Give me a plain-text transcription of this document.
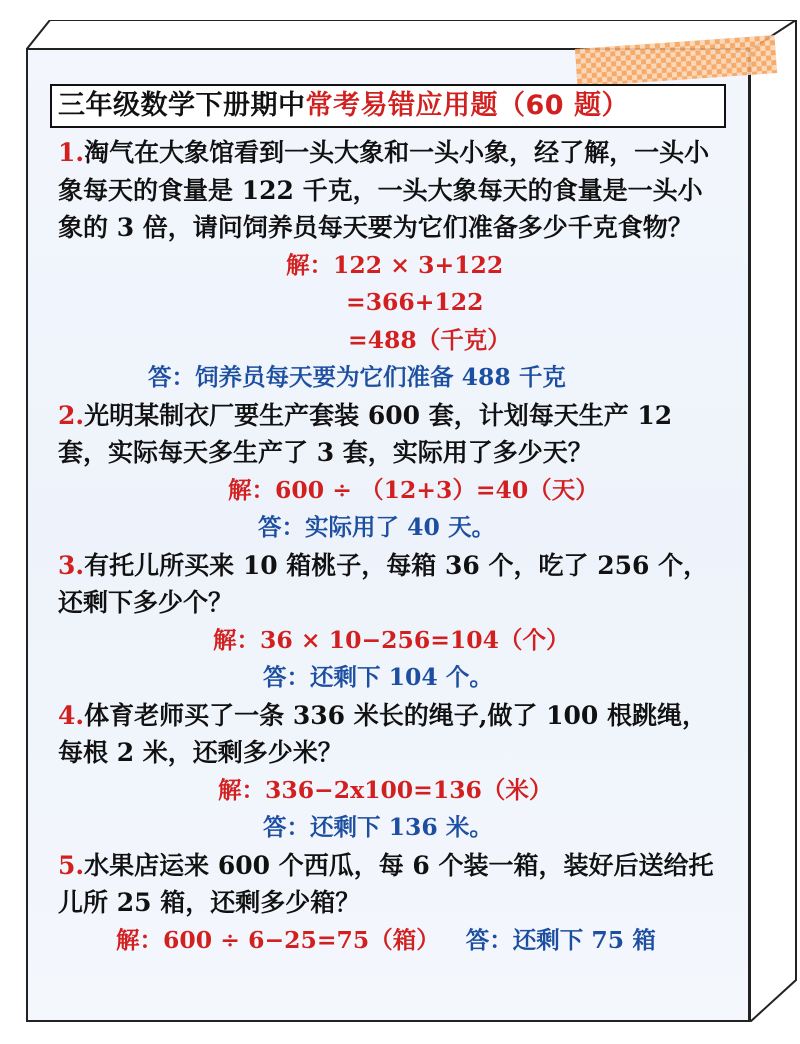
三年级数学下册期中常考易错应用题（60 题）

1.淘气在大象馆看到一头大象和一头小象，经了解，一头小象每天的食量是 122 千克，一头大象每天的食量是一头小象的 3 倍，请问饲养员每天要为它们准备多少千克食物？

解：122 × 3+122

=366+122

=488（千克）

答：饲养员每天要为它们准备 488 千克

2.光明某制衣厂要生产套装 600 套，计划每天生产 12 套，实际每天多生产了 3 套，实际用了多少天？

解：600 ÷ （12+3）=40（天）

答：实际用了 40 天。

3.有托儿所买来 10 箱桃子，每箱 36 个，吃了 256 个，还剩下多少个？

解：36 × 10−256=104（个）

答：还剩下 104 个。

4.体育老师买了一条 336 米长的绳子,做了 100 根跳绳，每根 2 米，还剩多少米？

解：336−2x100=136（米）

答：还剩下 136 米。

5.水果店运来 600 个西瓜，每 6 个装一箱，装好后送给托儿所 25 箱，还剩多少箱？

解：600 ÷ 6−25=75（箱） 答：还剩下 75 箱
